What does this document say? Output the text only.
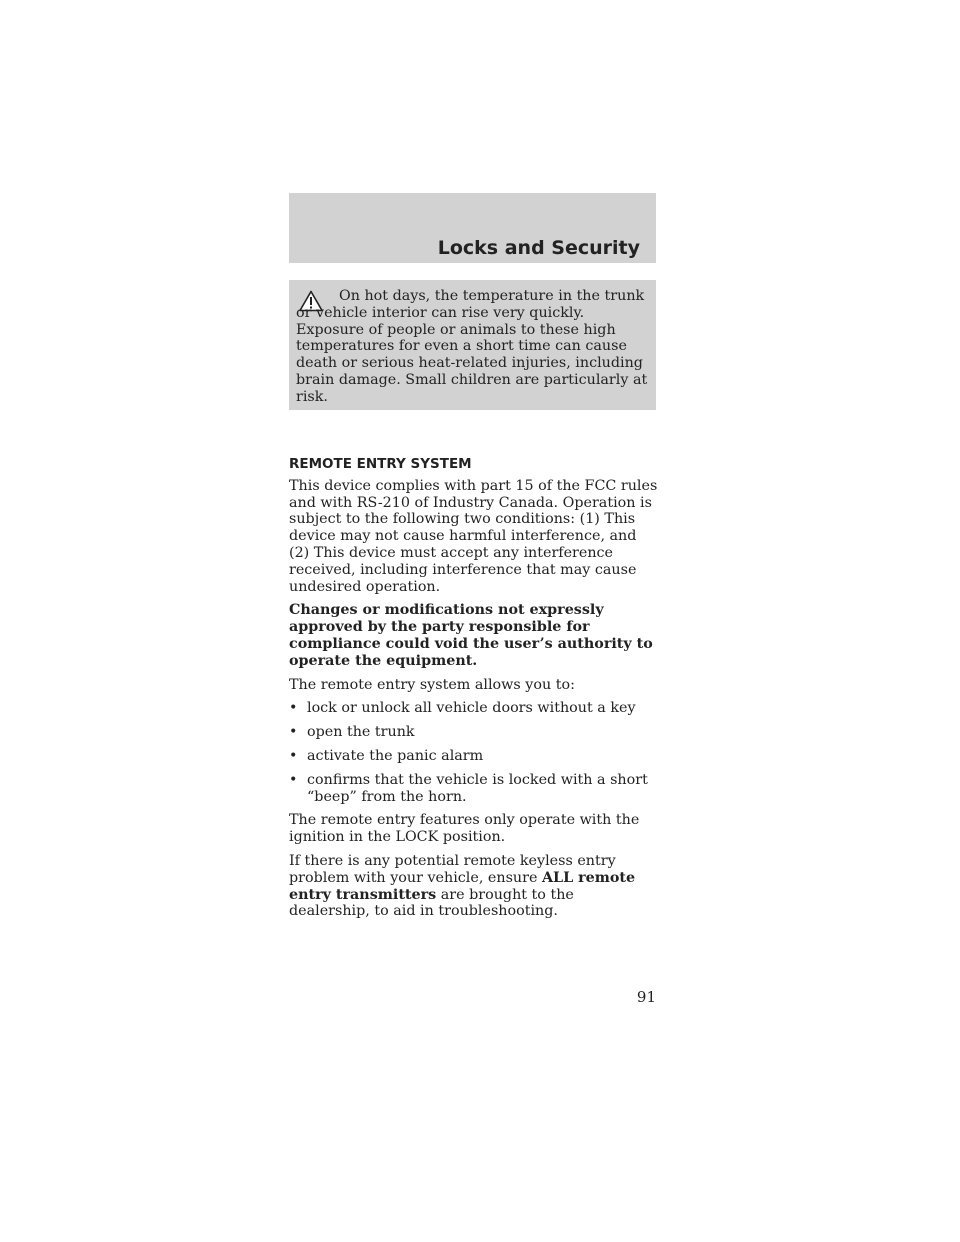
Locks and Security

On hot days, the temperature in the trunk or vehicle interior can rise very quickly. Exposure of people or animals to these high temperatures for even a short time can cause death or serious heat-related injuries, including brain damage. Small children are particularly at risk.

REMOTE ENTRY SYSTEM

This device complies with part 15 of the FCC rules and with RS-210 of Industry Canada. Operation is subject to the following two conditions: (1) This device may not cause harmful interference, and (2) This device must accept any interference received, including interference that may cause undesired operation.

Changes or modifications not expressly approved by the party responsible for compliance could void the user’s authority to operate the equipment.

The remote entry system allows you to:

• lock or unlock all vehicle doors without a key
• open the trunk
• activate the panic alarm
• confirms that the vehicle is locked with a short “beep” from the horn.

The remote entry features only operate with the ignition in the LOCK position.

If there is any potential remote keyless entry problem with your vehicle, ensure ALL remote entry transmitters are brought to the dealership, to aid in troubleshooting.

91
